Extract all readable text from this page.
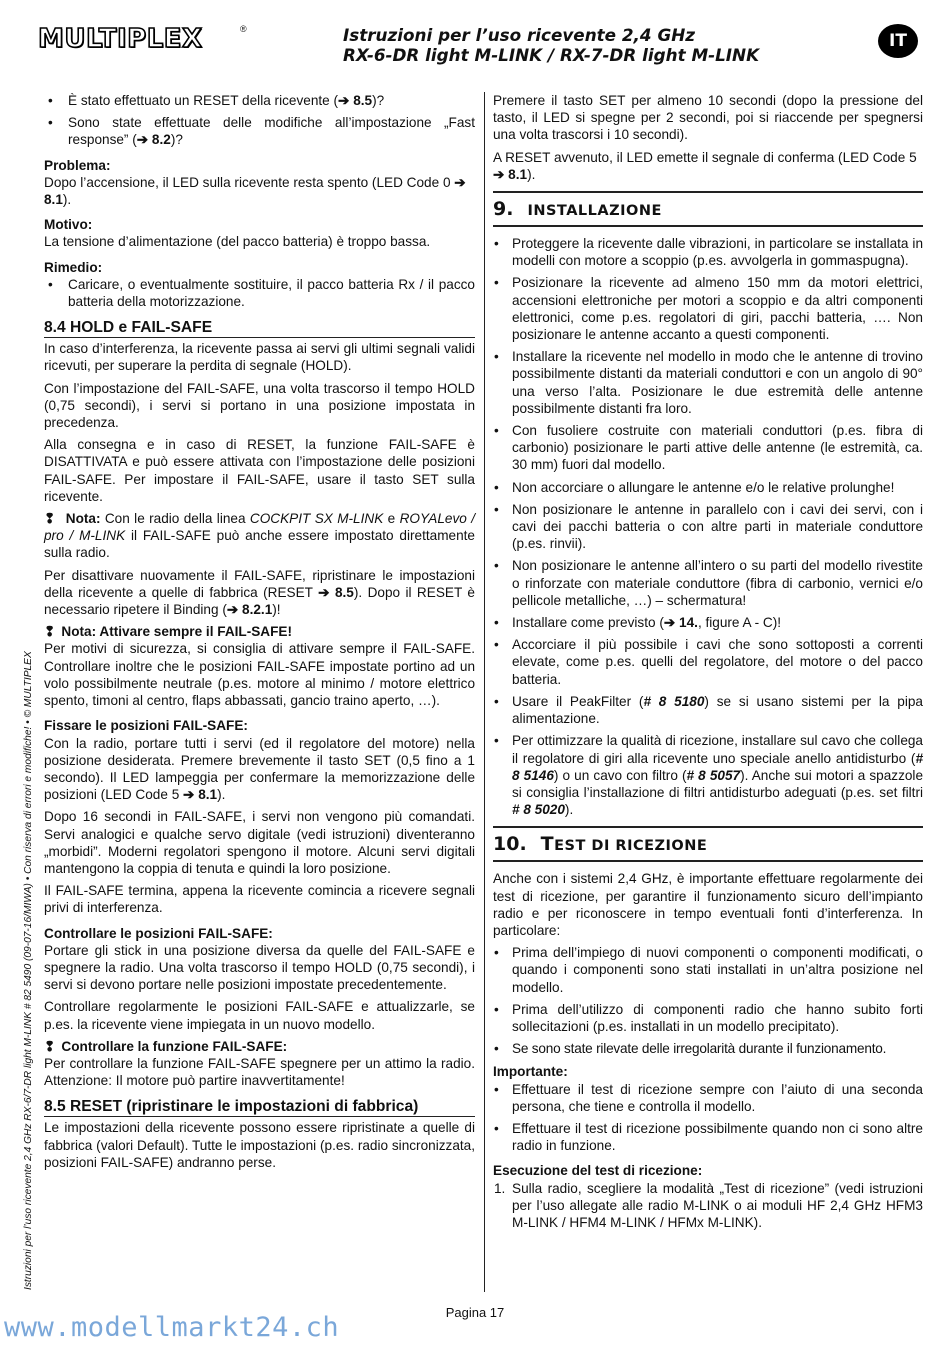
MULTIPLEX	®	Istruzioni per l’uso ricevente 2,4 GHz
RX-6-DR light M-LINK / RX-7-DR light M-LINK
IT
Istruzioni per l’uso ricevente 2,4 GHz RX-6/7-DR light M-LINK # 82 5490 (09-07-16/MIWA) • Con riserva di errori e modifiche! • © MULTIPLEX
• È stato effettuato un RESET della ricevente (➔ 8.5)?
• Sono state effettuate delle modifiche all’impostazione „Fast response” (➔ 8.2)?
Problema:

Dopo l’accensione, il LED sulla ricevente resta spento (LED Code 0 ➔ 8.1).

Motivo:

La tensione d’alimentazione (del pacco batteria) è troppo bassa.

Rimedio:
• Caricare, o eventualmente sostituire, il pacco batteria Rx / il pacco batteria della motorizzazione.
8.4 HOLD e FAIL-SAFE

In caso d’interferenza, la ricevente passa ai servi gli ultimi segnali validi ricevuti, per superare la perdita di segnale (HOLD).

Con l’impostazione del FAIL-SAFE, una volta trascorso il tempo HOLD (0,75 secondi), i servi si portano in una posizione impostata in precedenza.

Alla consegna e in caso di RESET, la funzione FAIL-SAFE è DISATTIVATA e può essere attivata con l’impostazione delle posizioni FAIL-SAFE. Per impostare il FAIL-SAFE, usare il tasto SET sulla ricevente.

❢ Nota: Con le radio della linea COCKPIT SX M-LINK e ROYALevo / pro / M-LINK il FAIL-SAFE può anche essere impostato direttamente sulla radio.

Per disattivare nuovamente il FAIL-SAFE, ripristinare le impostazioni della ricevente a quelle di fabbrica (RESET ➔ 8.5). Dopo il RESET è necessario ripetere il Binding (➔ 8.2.1)!

❢ Nota: Attivare sempre il FAIL-SAFE!

Per motivi di sicurezza, si consiglia di attivare sempre il FAIL-SAFE. Controllare inoltre che le posizioni FAIL-SAFE impostate portino ad un volo possibilmente neutrale (p.es. motore al minimo / motore elettrico spento, timoni al centro, flaps abbassati, gancio traino aperto, …).

Fissare le posizioni FAIL-SAFE:

Con la radio, portare tutti i servi (ed il regolatore del motore) nella posizione desiderata. Premere brevemente il tasto SET (0,5 fino a 1 secondo). Il LED lampeggia per confermare la memorizzazione delle posizioni (LED Code 5 ➔ 8.1).

Dopo 16 secondi in FAIL-SAFE, i servi non vengono più comandati. Servi analogici e qualche servo digitale (vedi istruzioni) diventeranno „morbidi”. Moderni regolatori spengono il motore. Alcuni servi digitali mantengono la coppia di tenuta e quindi la loro posizione.

Il FAIL-SAFE termina, appena la ricevente comincia a ricevere segnali privi di interferenza.

Controllare le posizioni FAIL-SAFE:

Portare gli stick in una posizione diversa da quelle del FAIL-SAFE e spegnere la radio. Una volta trascorso il tempo HOLD (0,75 secondi), i servi si devono portare nelle posizioni impostate precedentemente.

Controllare regolarmente le posizioni FAIL-SAFE e attualizzarle, se p.es. la ricevente viene impiegata in un nuovo modello.

❢ Controllare la funzione FAIL-SAFE:

Per controllare la funzione FAIL-SAFE spegnere per un attimo la radio. Attenzione: Il motore può partire inavvertitamente!

8.5 RESET (ripristinare le impostazioni di fabbrica)

Le impostazioni della ricevente possono essere ripristinate a quelle di fabbrica (valori Default). Tutte le impostazioni (p.es. radio sincronizzata, posizioni FAIL-SAFE) andranno perse.

Premere il tasto SET per almeno 10 secondi (dopo la pressione del tasto, il LED si spegne per 2 secondi, poi si riaccende per spegnersi una volta trascorsi i 10 secondi).

A RESET avvenuto, il LED emette il segnale di conferma (LED Code 5 ➔ 8.1).

9. INSTALLAZIONE
• Proteggere la ricevente dalle vibrazioni, in particolare se installata in modelli con motore a scoppio (p.es. avvolgerla in gommaspugna).
• Posizionare la ricevente ad almeno 150 mm da motori elettrici, accensioni elettroniche per motori a scoppio e da altri componenti elettronici, come p.es. regolatori di giri, pacchi batteria, …. Non posizionare le antenne accanto a questi componenti.
• Installare la ricevente nel modello in modo che le antenne di trovino possibilmente distanti da materiali conduttori e con un angolo di 90° una verso l’alta. Posizionare le due estremità delle antenne possibilmente distanti fra loro.
• Con fusoliere costruite con materiali conduttori (p.es. fibra di carbonio) posizionare le parti attive delle antenne (le estremità, ca. 30 mm) fuori dal modello.
• Non accorciare o allungare le antenne e/o le relative prolunghe!
• Non posizionare le antenne in parallelo con i cavi dei servi, con i cavi dei pacchi batteria o con altre parti in materiale conduttore (p.es. rinvii).
• Non posizionare le antenne all’intero o su parti del modello rivestite o rinforzate con materiale conduttore (fibra di carbonio, vernici e/o pellicole metalliche, …) – schermatura!
• Installare come previsto (➔ 14., figure A - C)!
• Accorciare il più possibile i cavi che sono sottoposti a correnti elevate, come p.es. quelli del regolatore, del motore o del pacco batteria.
• Usare il PeakFilter (# 8 5180) se si usano sistemi per la pipa alimentazione.
• Per ottimizzare la qualità di ricezione, installare sul cavo che collega il regolatore di giri alla ricevente uno speciale anello antidisturbo (# 8 5146) o un cavo con filtro (# 8 5057). Anche sui motori a spazzole si consiglia l’installazione di filtri antidisturbo adeguati (p.es. set filtri # 8 5020).
10. TEST DI RICEZIONE

Anche con i sistemi 2,4 GHz, è importante effettuare regolarmente dei test di ricezione, per garantire il funzionamento sicuro dell’impianto radio e per riconoscere in tempo eventuali fonti d’interferenza. In particolare:

• Prima dell’impiego di nuovi componenti o componenti modificati, o quando i componenti sono stati installati in un’altra posizione nel modello.
• Prima dell’utilizzo di componenti radio che hanno subito forti sollecitazioni (p.es. installati in un modello precipitato).
• Se sono state rilevate delle irregolarità durante il funzionamento.
Importante:
• Effettuare il test di ricezione sempre con l’aiuto di una seconda persona, che tiene e controlla il modello.
• Effettuare il test di ricezione possibilmente quando non ci sono altre radio in funzione.
Esecuzione del test di ricezione:
1. Sulla radio, scegliere la modalità „Test di ricezione” (vedi istruzioni per l’uso allegate alle radio M-LINK o ai moduli HF 2,4 GHz HFM3 M-LINK / HFM4 M-LINK / HFMx M-LINK).
Pagina 17
www.modellmarkt24.ch
